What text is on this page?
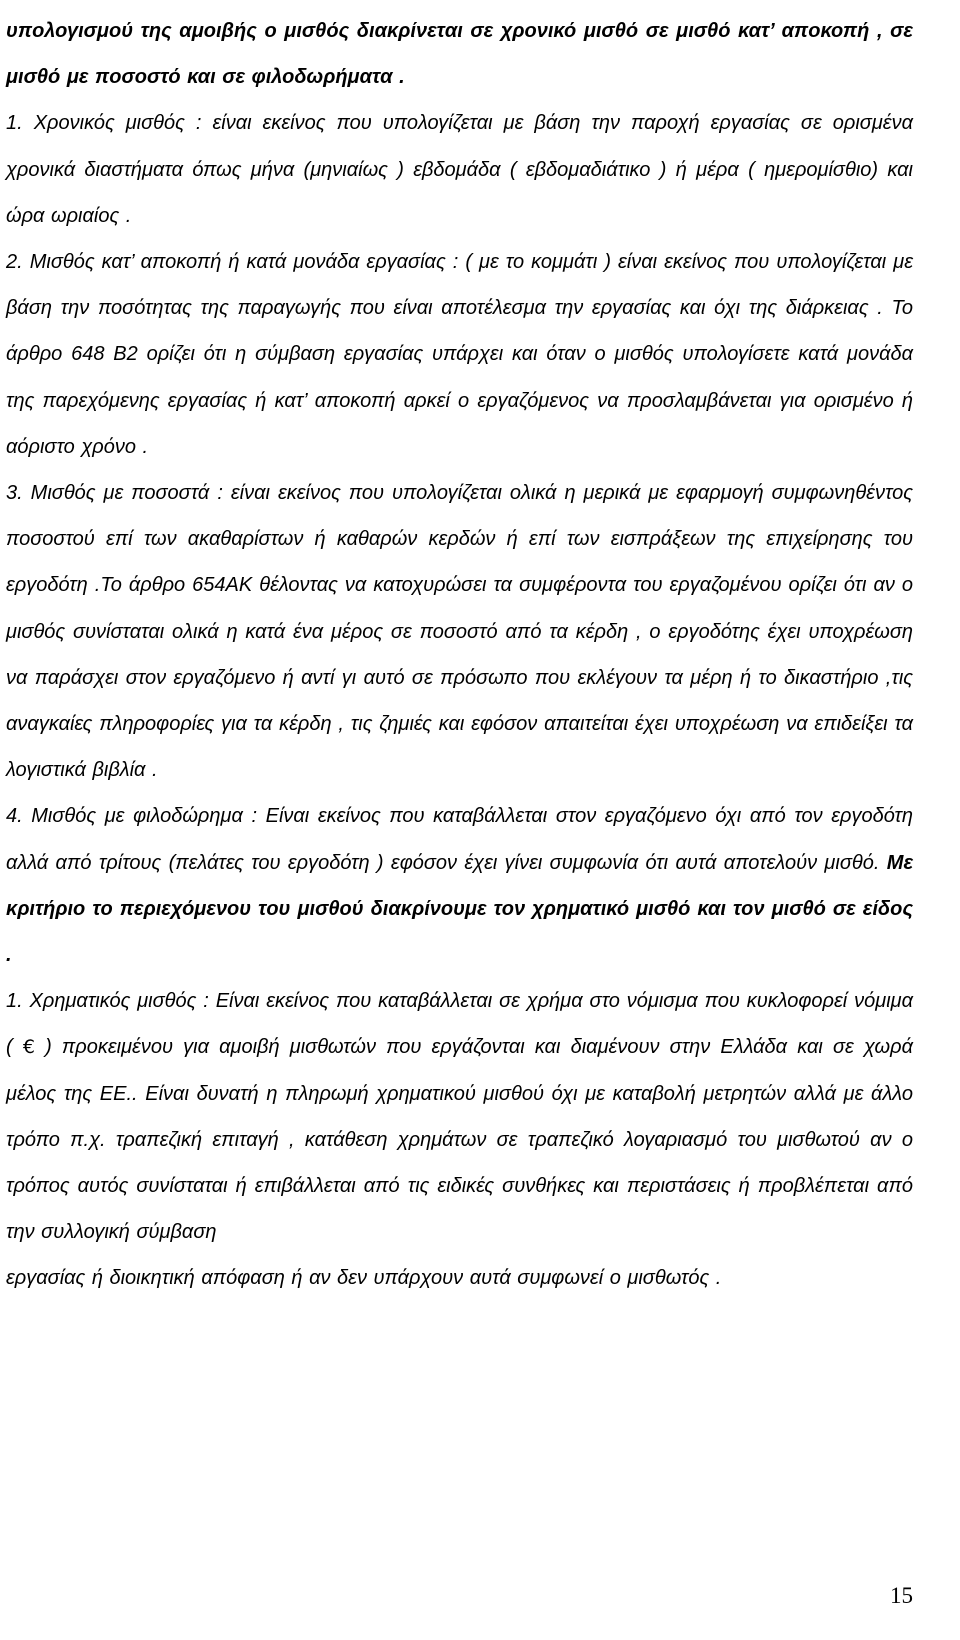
υπολογισμού της αμοιβής ο μισθός διακρίνεται σε χρονικό μισθό σε μισθό κατ’ αποκοπή , σε μισθό με ποσοστό και σε φιλοδωρήματα .

1. Χρονικός μισθός : είναι εκείνος που υπολογίζεται με βάση την παροχή εργασίας σε ορισμένα χρονικά διαστήματα όπως μήνα (μηνιαίως ) εβδομάδα ( εβδομαδιάτικο ) ή μέρα ( ημερομίσθιο) και ώρα ωριαίος .

2. Μισθός κατ’ αποκοπή ή κατά μονάδα εργασίας : ( με το κομμάτι ) είναι εκείνος που υπολογίζεται με βάση την ποσότητας της παραγωγής που είναι αποτέλεσμα την εργασίας και όχι της διάρκειας . Το άρθρο 648 Β2 ορίζει ότι η σύμβαση εργασίας υπάρχει και όταν ο μισθός υπολογίσετε κατά μονάδα της παρεχόμενης εργασίας ή κατ’ αποκοπή αρκεί ο εργαζόμενος να προσλαμβάνεται για ορισμένο ή αόριστο χρόνο .

3. Μισθός με ποσοστά : είναι εκείνος που υπολογίζεται ολικά η μερικά με εφαρμογή συμφωνηθέντος ποσοστού επί των ακαθαρίστων ή καθαρών κερδών ή επί των εισπράξεων της επιχείρησης του εργοδότη .Το άρθρο 654ΑΚ θέλοντας να κατοχυρώσει τα συμφέροντα του εργαζομένου ορίζει ότι αν ο μισθός συνίσταται ολικά η κατά ένα μέρος σε ποσοστό από τα κέρδη , ο εργοδότης έχει υποχρέωση να παράσχει στον εργαζόμενο ή αντί γι αυτό σε πρόσωπο που εκλέγουν τα μέρη ή το δικαστήριο ,τις αναγκαίες πληροφορίες για τα κέρδη , τις ζημιές και εφόσον απαιτείται έχει υποχρέωση να επιδείξει τα λογιστικά βιβλία .

4. Μισθός με φιλοδώρημα : Είναι εκείνος που καταβάλλεται στον εργαζόμενο όχι από τον εργοδότη αλλά από τρίτους (πελάτες του εργοδότη ) εφόσον έχει γίνει συμφωνία ότι αυτά αποτελούν μισθό. Με κριτήριο το περιεχόμενου του μισθού διακρίνουμε τον χρηματικό μισθό και τον μισθό σε είδος .

1. Χρηματικός μισθός : Είναι εκείνος που καταβάλλεται σε χρήμα στο νόμισμα που κυκλοφορεί νόμιμα ( € ) προκειμένου για αμοιβή μισθωτών που εργάζονται και διαμένουν στην Ελλάδα και σε χωρά μέλος της ΕΕ.. Είναι δυνατή η πληρωμή χρηματικού μισθού όχι με καταβολή μετρητών αλλά με άλλο τρόπο π.χ. τραπεζική επιταγή , κατάθεση χρημάτων σε τραπεζικό λογαριασμό του μισθωτού αν ο τρόπος αυτός συνίσταται ή επιβάλλεται από τις ειδικές συνθήκες και περιστάσεις ή προβλέπεται από την συλλογική σύμβαση

εργασίας ή διοικητική απόφαση ή αν δεν υπάρχουν αυτά συμφωνεί ο μισθωτός .

15
